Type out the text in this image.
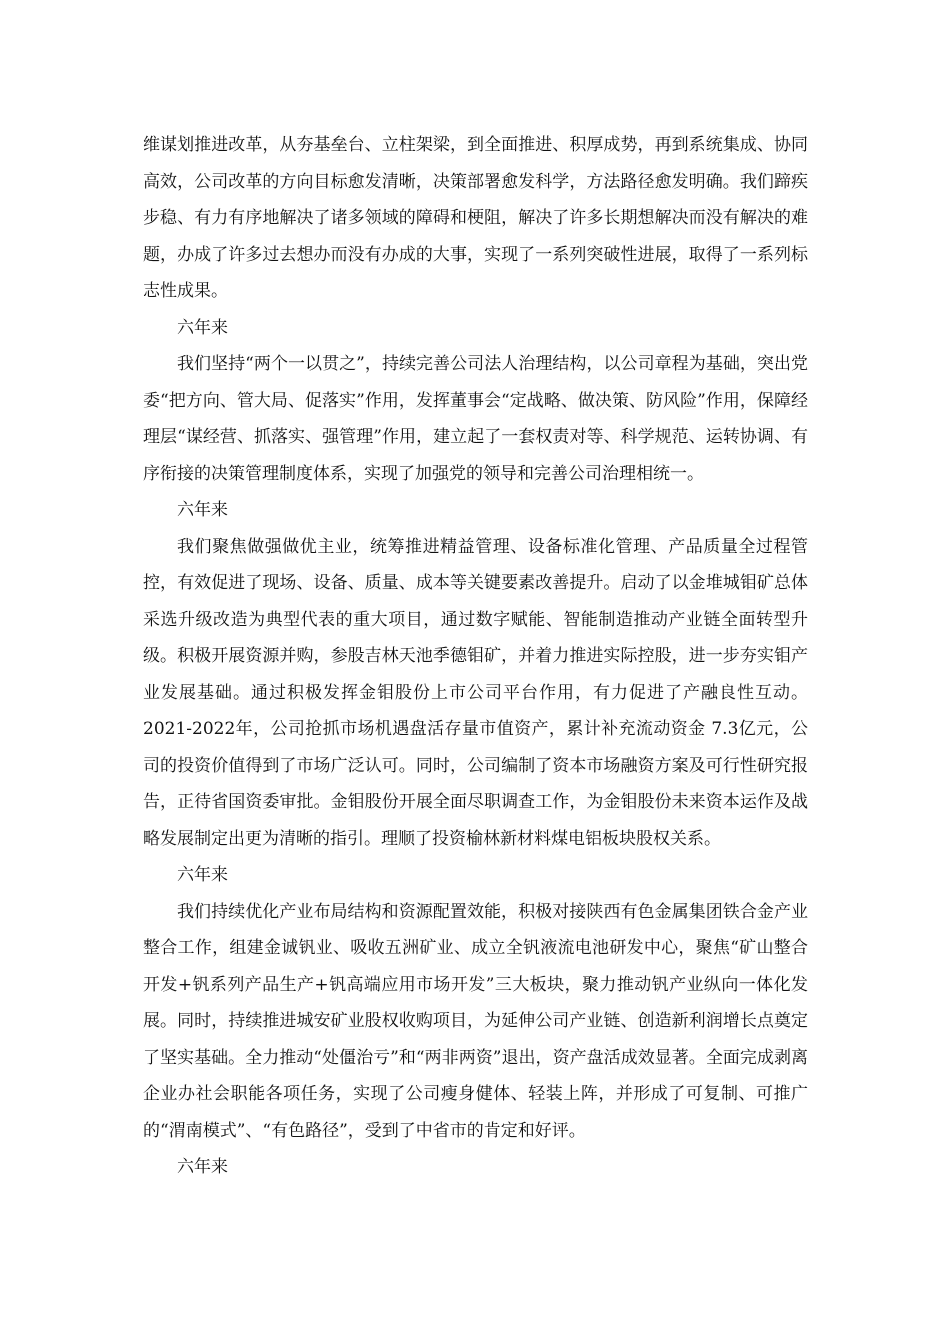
维谋划推进改革，从夯基垒台、立柱架梁，到全面推进、积厚成势，再到系统集成、协同高效，公司改革的方向目标愈发清晰，决策部署愈发科学，方法路径愈发明确。我们蹄疾步稳、有力有序地解决了诸多领域的障碍和梗阻，解决了许多长期想解决而没有解决的难题，办成了许多过去想办而没有办成的大事，实现了一系列突破性进展，取得了一系列标志性成果。

六年来

我们坚持“两个一以贯之”，持续完善公司法人治理结构，以公司章程为基础，突出党委“把方向、管大局、促落实”作用，发挥董事会“定战略、做决策、防风险”作用，保障经理层“谋经营、抓落实、强管理”作用，建立起了一套权责对等、科学规范、运转协调、有序衔接的决策管理制度体系，实现了加强党的领导和完善公司治理相统一。

六年来

我们聚焦做强做优主业，统筹推进精益管理、设备标准化管理、产品质量全过程管控，有效促进了现场、设备、质量、成本等关键要素改善提升。启动了以金堆城钼矿总体采选升级改造为典型代表的重大项目，通过数字赋能、智能制造推动产业链全面转型升级。积极开展资源并购，参股吉林天池季德钼矿，并着力推进实际控股，进一步夯实钼产业发展基础。通过积极发挥金钼股份上市公司平台作用，有力促进了产融良性互动。2021-2022年，公司抢抓市场机遇盘活存量市值资产，累计补充流动资金 7.3亿元，公司的投资价值得到了市场广泛认可。同时，公司编制了资本市场融资方案及可行性研究报告，正待省国资委审批。金钼股份开展全面尽职调查工作，为金钼股份未来资本运作及战略发展制定出更为清晰的指引。理顺了投资榆林新材料煤电铝板块股权关系。

六年来

我们持续优化产业布局结构和资源配置效能，积极对接陕西有色金属集团铁合金产业整合工作，组建金诚钒业、吸收五洲矿业、成立全钒液流电池研发中心，聚焦“矿山整合开发+钒系列产品生产+钒高端应用市场开发”三大板块，聚力推动钒产业纵向一体化发展。同时，持续推进城安矿业股权收购项目，为延伸公司产业链、创造新利润增长点奠定了坚实基础。全力推动“处僵治亏”和“两非两资”退出，资产盘活成效显著。全面完成剥离企业办社会职能各项任务，实现了公司瘦身健体、轻装上阵，并形成了可复制、可推广的“渭南模式”、“有色路径”，受到了中省市的肯定和好评。

六年来
